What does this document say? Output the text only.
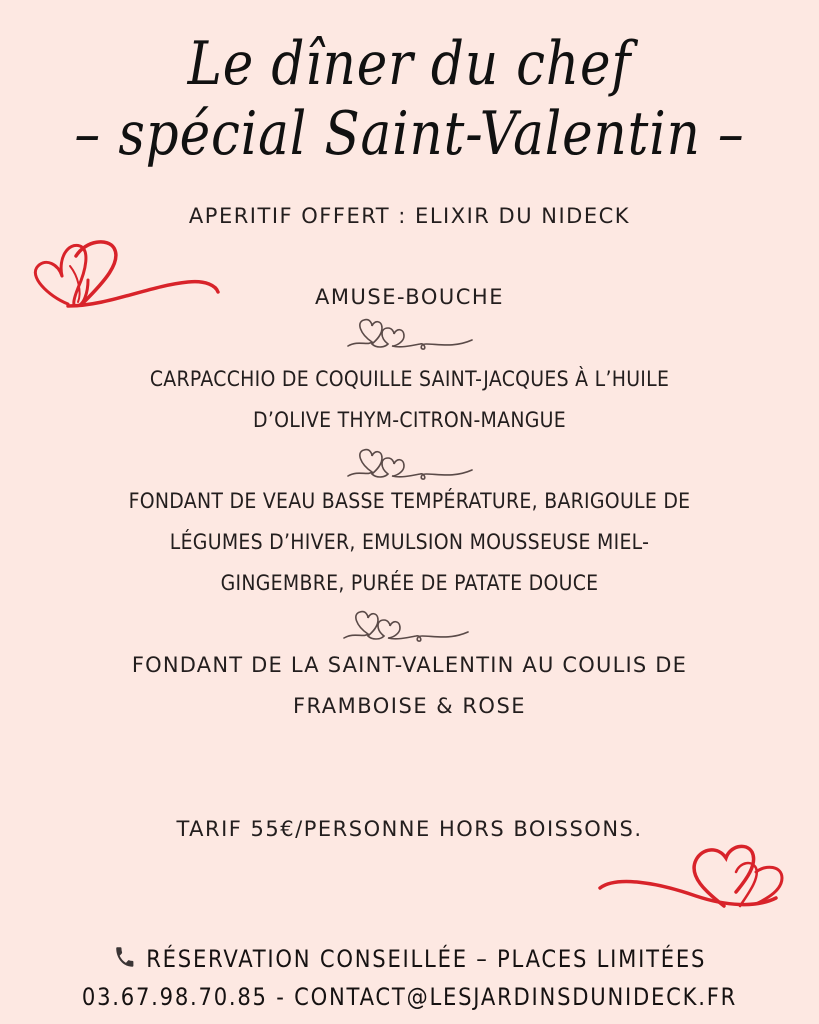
Le dîner du chef
– spécial Saint-Valentin –
APERITIF OFFERT : ELIXIR DU NIDECK
AMUSE-BOUCHE
CARPACCHIO DE COQUILLE SAINT-JACQUES À L’HUILE
D’OLIVE THYM-CITRON-MANGUE
FONDANT DE VEAU BASSE TEMPÉRATURE, BARIGOULE DE
LÉGUMES D’HIVER, EMULSION MOUSSEUSE MIEL-
GINGEMBRE, PURÉE DE PATATE DOUCE
FONDANT DE LA SAINT-VALENTIN AU COULIS DE
FRAMBOISE & ROSE
TARIF 55€/PERSONNE HORS BOISSONS.
RÉSERVATION CONSEILLÉE – PLACES LIMITÉES
03.67.98.70.85 - CONTACT@LESJARDINSDUNIDECK.FR
